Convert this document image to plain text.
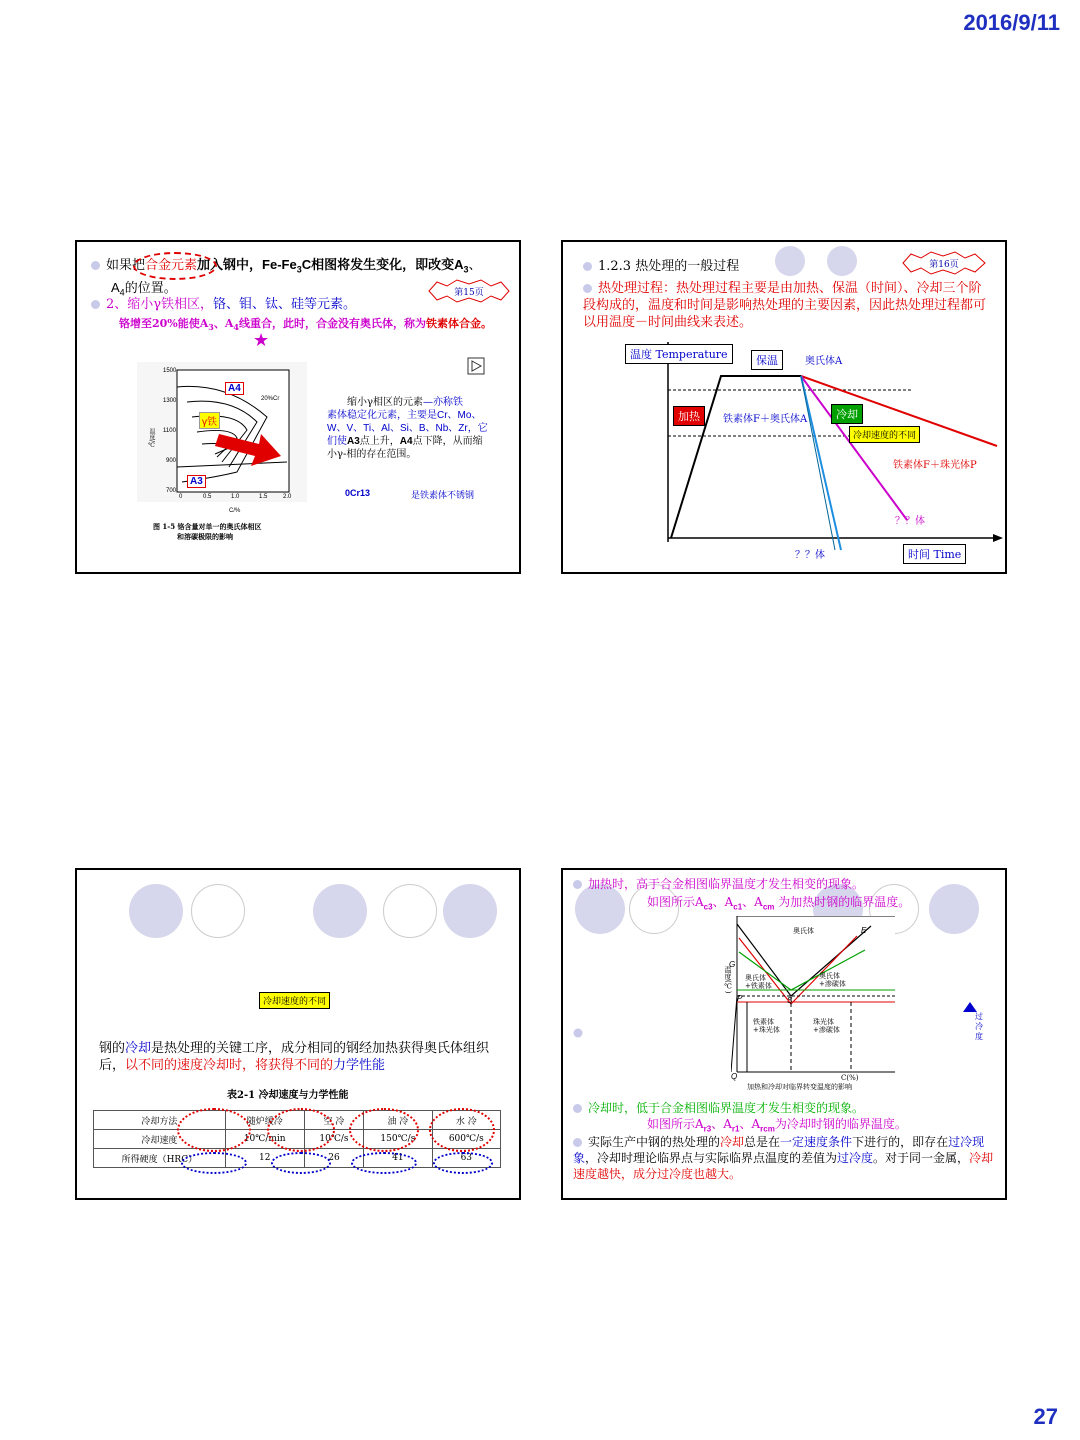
2016/9/11
27
如果把合金元素加入钢中，$Fe-Fe_3C$相图将发生变化，即改变$A_3$、
$A_4$的位置。	第15页
2、缩小γ铁相区，铬、钼、钛、硅等元素。
铬增至20%能使$A_3$、$A_4$线重合，此时，合金没有奥氏体，称为铁素体合金。
★
1500
1300
1100
900
700
0	0.5	1.0	1.5	2.0
C/%
温度/℃
20%Cr
A4
γ铁
A3
图 1-5 铬含量对单一的奥氏体相区
和溶碳极限的影响
缩小γ相区的元素—亦称铁
素体稳定化元素，主要是Cr、Mo、W、V、Ti、Al、Si、B、Nb、Zr，它们使A3点上升，A4点下降，从而缩小γ-相的存在范围。
0Cr13	是铁素体不锈钢
1.2.3 热处理的一般过程	第16页
热处理过程：热处理过程主要是由加热、保温（时间）、冷却三个阶段构成的，温度和时间是影响热处理的主要因素，因此热处理过程都可以用温度－时间曲线来表述。
温度 Temperature	保温	奥氏体A
加热	铁素体F＋奥氏体A	冷却
冷却速度的不同
铁素体F＋珠光体P
？？体
？？体	时间 Time
冷却速度的不同
钢的冷却是热处理的关键工序，成分相同的钢经加热获得奥氏体组织后，以不同的速度冷却时，将获得不同的力学性能
表2-1 冷却速度与力学性能
冷却方法	随炉缓冷	空 冷	油 冷	水 冷
冷却速度	10℃/min	10℃/s	150℃/s	600℃/s
所得硬度（HRC）	12	26	41	63
加热时，高于合金相图临界温度才发生相变的现象。
如图所示$A_{c3}$、$A_{c1}$、$A_{cm}$ 为加热时钢的临界温度。
奥氏体	E
G
S
P
Q
奥氏体
+铁素体
奥氏体
+渗碳体
铁素体
+珠光体
珠光体
+渗碳体
C(%)
温度(℃)
加热和冷却对临界转变温度的影响
过冷度
冷却时，低于合金相图临界温度才发生相变的现象。
如图所示$A_{r3}$、$A_{r1}$、$A_{rcm}$为冷却时钢的临界温度。
实际生产中钢的热处理的冷却总是在一定速度条件下进行的，即存在过冷现象，冷却时理论临界点与实际临界点温度的差值为过冷度。对于同一金属，冷却速度越快，成分过冷度也越大。
